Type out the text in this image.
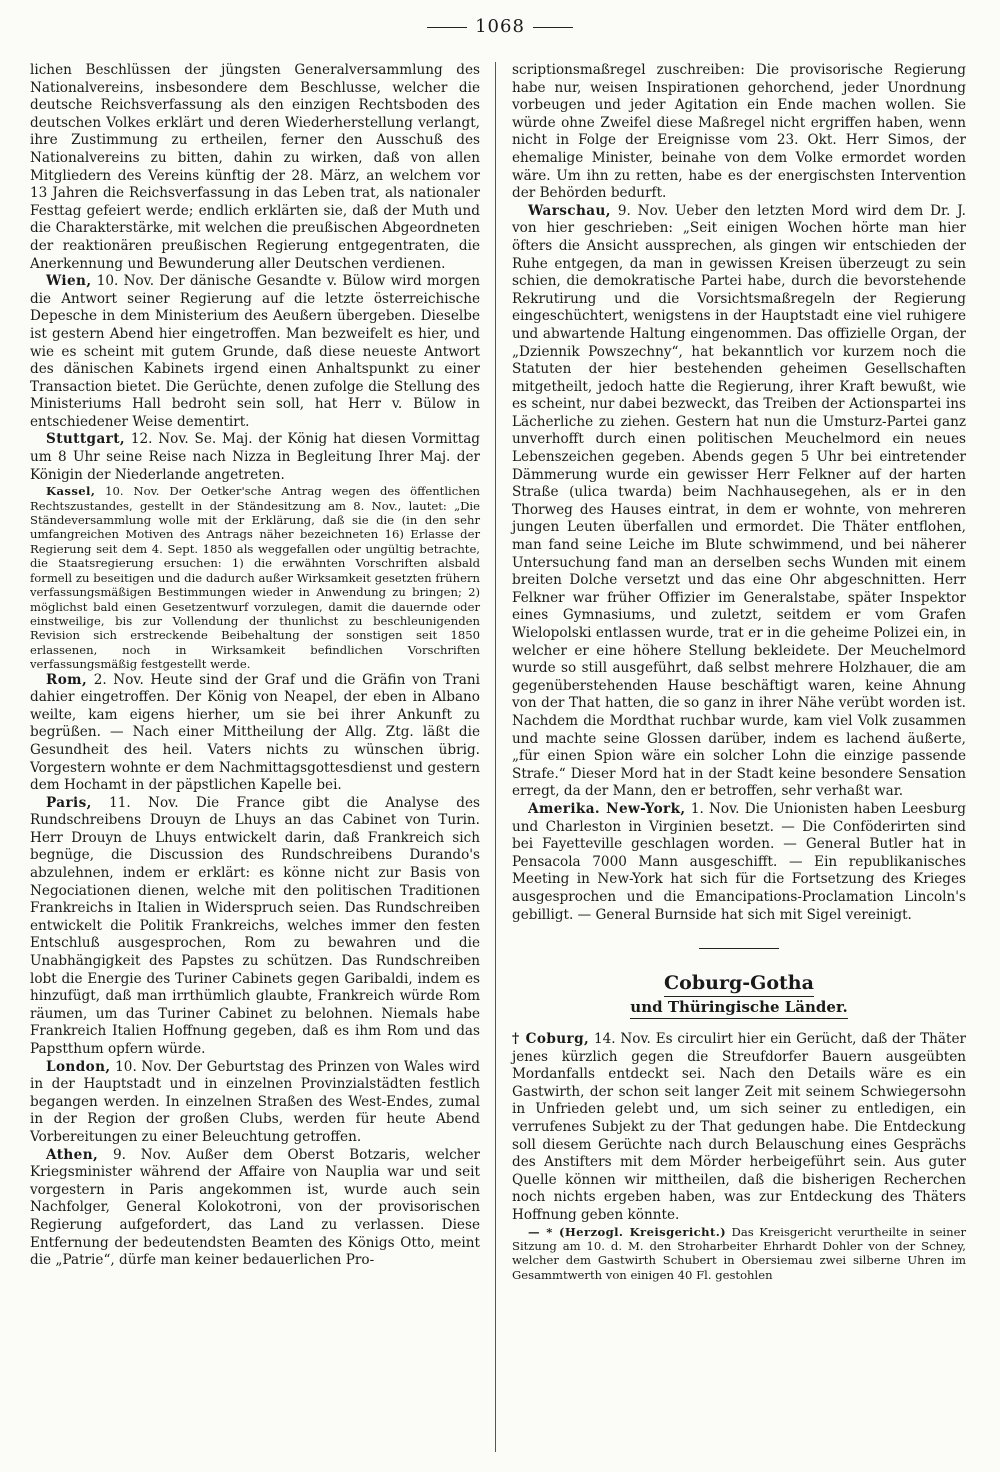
1068

lichen Beschlüssen der jüngsten Generalversammlung des Nationalvereins, insbesondere dem Beschlusse, welcher die deutsche Reichsverfassung als den einzigen Rechtsboden des deutschen Volkes erklärt und deren Wiederherstellung verlangt, ihre Zustimmung zu ertheilen, ferner den Ausschuß des Nationalvereins zu bitten, dahin zu wirken, daß von allen Mitgliedern des Vereins künftig der 28. März, an welchem vor 13 Jahren die Reichsverfassung in das Leben trat, als nationaler Festtag gefeiert werde; endlich erklärten sie, daß der Muth und die Charakterstärke, mit welchen die preußischen Abgeordneten der reaktionären preußischen Regierung entgegentraten, die Anerkennung und Bewunderung aller Deutschen verdienen.

Wien, 10. Nov. Der dänische Gesandte v. Bülow wird morgen die Antwort seiner Regierung auf die letzte österreichische Depesche in dem Ministerium des Aeußern übergeben. Dieselbe ist gestern Abend hier eingetroffen. Man bezweifelt es hier, und wie es scheint mit gutem Grunde, daß diese neueste Antwort des dänischen Kabinets irgend einen Anhaltspunkt zu einer Transaction bietet. Die Gerüchte, denen zufolge die Stellung des Ministeriums Hall bedroht sein soll, hat Herr v. Bülow in entschiedener Weise dementirt.

Stuttgart, 12. Nov. Se. Maj. der König hat diesen Vormittag um 8 Uhr seine Reise nach Nizza in Begleitung Ihrer Maj. der Königin der Niederlande angetreten.

Kassel, 10. Nov. Der Oetker'sche Antrag wegen des öffentlichen Rechtszustandes, gestellt in der Ständesitzung am 8. Nov., lautet: „Die Ständeversammlung wolle mit der Erklärung, daß sie die (in den sehr umfangreichen Motiven des Antrags näher bezeichneten 16) Erlasse der Regierung seit dem 4. Sept. 1850 als weggefallen oder ungültig betrachte, die Staatsregierung ersuchen: 1) die erwähnten Vorschriften alsbald formell zu beseitigen und die dadurch außer Wirksamkeit gesetzten frühern verfassungsmäßigen Bestimmungen wieder in Anwendung zu bringen; 2) möglichst bald einen Gesetzentwurf vorzulegen, damit die dauernde oder einstweilige, bis zur Vollendung der thunlichst zu beschleunigenden Revision sich erstreckende Beibehaltung der sonstigen seit 1850 erlassenen, noch in Wirksamkeit befindlichen Vorschriften verfassungsmäßig festgestellt werde.

Rom, 2. Nov. Heute sind der Graf und die Gräfin von Trani dahier eingetroffen. Der König von Neapel, der eben in Albano weilte, kam eigens hierher, um sie bei ihrer Ankunft zu begrüßen. — Nach einer Mittheilung der Allg. Ztg. läßt die Gesundheit des heil. Vaters nichts zu wünschen übrig. Vorgestern wohnte er dem Nachmittagsgottesdienst und gestern dem Hochamt in der päpstlichen Kapelle bei.

Paris, 11. Nov. Die France gibt die Analyse des Rundschreibens Drouyn de Lhuys an das Cabinet von Turin. Herr Drouyn de Lhuys entwickelt darin, daß Frankreich sich begnüge, die Discussion des Rundschreibens Durando's abzulehnen, indem er erklärt: es könne nicht zur Basis von Negociationen dienen, welche mit den politischen Traditionen Frankreichs in Italien in Widerspruch seien. Das Rundschreiben entwickelt die Politik Frankreichs, welches immer den festen Entschluß ausgesprochen, Rom zu bewahren und die Unabhängigkeit des Papstes zu schützen. Das Rundschreiben lobt die Energie des Turiner Cabinets gegen Garibaldi, indem es hinzufügt, daß man irrthümlich glaubte, Frankreich würde Rom räumen, um das Turiner Cabinet zu belohnen. Niemals habe Frankreich Italien Hoffnung gegeben, daß es ihm Rom und das Papstthum opfern würde.

London, 10. Nov. Der Geburtstag des Prinzen von Wales wird in der Hauptstadt und in einzelnen Provinzialstädten festlich begangen werden. In einzelnen Straßen des West-Endes, zumal in der Region der großen Clubs, werden für heute Abend Vorbereitungen zu einer Beleuchtung getroffen.

Athen, 9. Nov. Außer dem Oberst Botzaris, welcher Kriegsminister während der Affaire von Nauplia war und seit vorgestern in Paris angekommen ist, wurde auch sein Nachfolger, General Kolokotroni, von der provisorischen Regierung aufgefordert, das Land zu verlassen. Diese Entfernung der bedeutendsten Beamten des Königs Otto, meint die „Patrie“, dürfe man keiner bedauerlichen Pro-

scriptionsmaßregel zuschreiben: Die provisorische Regierung habe nur, weisen Inspirationen gehorchend, jeder Unordnung vorbeugen und jeder Agitation ein Ende machen wollen. Sie würde ohne Zweifel diese Maßregel nicht ergriffen haben, wenn nicht in Folge der Ereignisse vom 23. Okt. Herr Simos, der ehemalige Minister, beinahe von dem Volke ermordet worden wäre. Um ihn zu retten, habe es der energischsten Intervention der Behörden bedurft.

Warschau, 9. Nov. Ueber den letzten Mord wird dem Dr. J. von hier geschrieben: „Seit einigen Wochen hörte man hier öfters die Ansicht aussprechen, als gingen wir entschieden der Ruhe entgegen, da man in gewissen Kreisen überzeugt zu sein schien, die demokratische Partei habe, durch die bevorstehende Rekrutirung und die Vorsichtsmaßregeln der Regierung eingeschüchtert, wenigstens in der Hauptstadt eine viel ruhigere und abwartende Haltung eingenommen. Das offizielle Organ, der „Dziennik Powszechny“, hat bekanntlich vor kurzem noch die Statuten der hier bestehenden geheimen Gesellschaften mitgetheilt, jedoch hatte die Regierung, ihrer Kraft bewußt, wie es scheint, nur dabei bezweckt, das Treiben der Actionspartei ins Lächerliche zu ziehen. Gestern hat nun die Umsturz-Partei ganz unverhofft durch einen politischen Meuchelmord ein neues Lebenszeichen gegeben. Abends gegen 5 Uhr bei eintretender Dämmerung wurde ein gewisser Herr Felkner auf der harten Straße (ulica twarda) beim Nachhausegehen, als er in den Thorweg des Hauses eintrat, in dem er wohnte, von mehreren jungen Leuten überfallen und ermordet. Die Thäter entflohen, man fand seine Leiche im Blute schwimmend, und bei näherer Untersuchung fand man an derselben sechs Wunden mit einem breiten Dolche versetzt und das eine Ohr abgeschnitten. Herr Felkner war früher Offizier im Generalstabe, später Inspektor eines Gymnasiums, und zuletzt, seitdem er vom Grafen Wielopolski entlassen wurde, trat er in die geheime Polizei ein, in welcher er eine höhere Stellung bekleidete. Der Meuchelmord wurde so still ausgeführt, daß selbst mehrere Holzhauer, die am gegenüberstehenden Hause beschäftigt waren, keine Ahnung von der That hatten, die so ganz in ihrer Nähe verübt worden ist. Nachdem die Mordthat ruchbar wurde, kam viel Volk zusammen und machte seine Glossen darüber, indem es lachend äußerte, „für einen Spion wäre ein solcher Lohn die einzige passende Strafe.“ Dieser Mord hat in der Stadt keine besondere Sensation erregt, da der Mann, den er betroffen, sehr verhaßt war.

Amerika. New-York, 1. Nov. Die Unionisten haben Leesburg und Charleston in Virginien besetzt. — Die Conföderirten sind bei Fayetteville geschlagen worden. — General Butler hat in Pensacola 7000 Mann ausgeschifft. — Ein republikanisches Meeting in New-York hat sich für die Fortsetzung des Krieges ausgesprochen und die Emancipations-Proclamation Lincoln's gebilligt. — General Burnside hat sich mit Sigel vereinigt.

Coburg-Gotha
und Thüringische Länder.

† Coburg, 14. Nov. Es circulirt hier ein Gerücht, daß der Thäter jenes kürzlich gegen die Streufdorfer Bauern ausgeübten Mordanfalls entdeckt sei. Nach den Details wäre es ein Gastwirth, der schon seit langer Zeit mit seinem Schwiegersohn in Unfrieden gelebt und, um sich seiner zu entledigen, ein verrufenes Subjekt zu der That gedungen habe. Die Entdeckung soll diesem Gerüchte nach durch Belauschung eines Gesprächs des Anstifters mit dem Mörder herbeigeführt sein. Aus guter Quelle können wir mittheilen, daß die bisherigen Recherchen noch nichts ergeben haben, was zur Entdeckung des Thäters Hoffnung geben könnte.

— * (Herzogl. Kreisgericht.) Das Kreisgericht verurtheilte in seiner Sitzung am 10. d. M. den Stroharbeiter Ehrhardt Dohler von der Schney, welcher dem Gastwirth Schubert in Obersiemau zwei silberne Uhren im Gesammtwerth von einigen 40 Fl. gestohlen
